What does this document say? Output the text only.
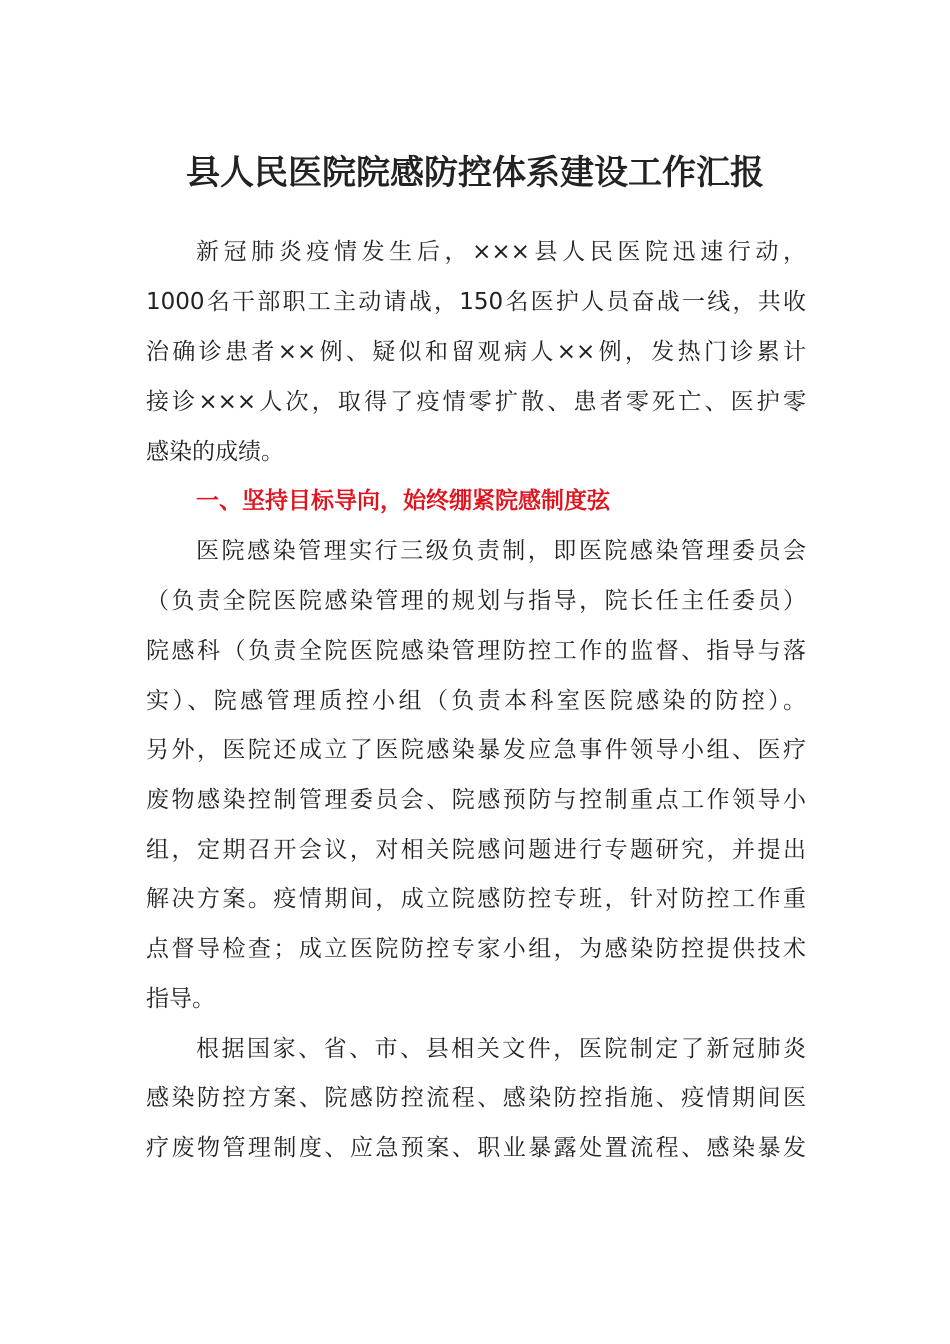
县人民医院院感防控体系建设工作汇报
新冠肺炎疫情发生后，×××县人民医院迅速行动，
1000名干部职工主动请战，150名医护人员奋战一线，共收
治确诊患者××例、疑似和留观病人××例，发热门诊累计
接诊×××人次，取得了疫情零扩散、患者零死亡、医护零
感染的成绩。
一、坚持目标导向，始终绷紧院感制度弦
医院感染管理实行三级负责制，即医院感染管理委员会
（负责全院医院感染管理的规划与指导，院长任主任委员）
院感科（负责全院医院感染管理防控工作的监督、指导与落
实）、院感管理质控小组（负责本科室医院感染的防控）。
另外，医院还成立了医院感染暴发应急事件领导小组、医疗
废物感染控制管理委员会、院感预防与控制重点工作领导小
组，定期召开会议，对相关院感问题进行专题研究，并提出
解决方案。疫情期间，成立院感防控专班，针对防控工作重
点督导检查；成立医院防控专家小组，为感染防控提供技术
指导。
根据国家、省、市、县相关文件，医院制定了新冠肺炎
感染防控方案、院感防控流程、感染防控指施、疫情期间医
疗废物管理制度、应急预案、职业暴露处置流程、感染暴发
